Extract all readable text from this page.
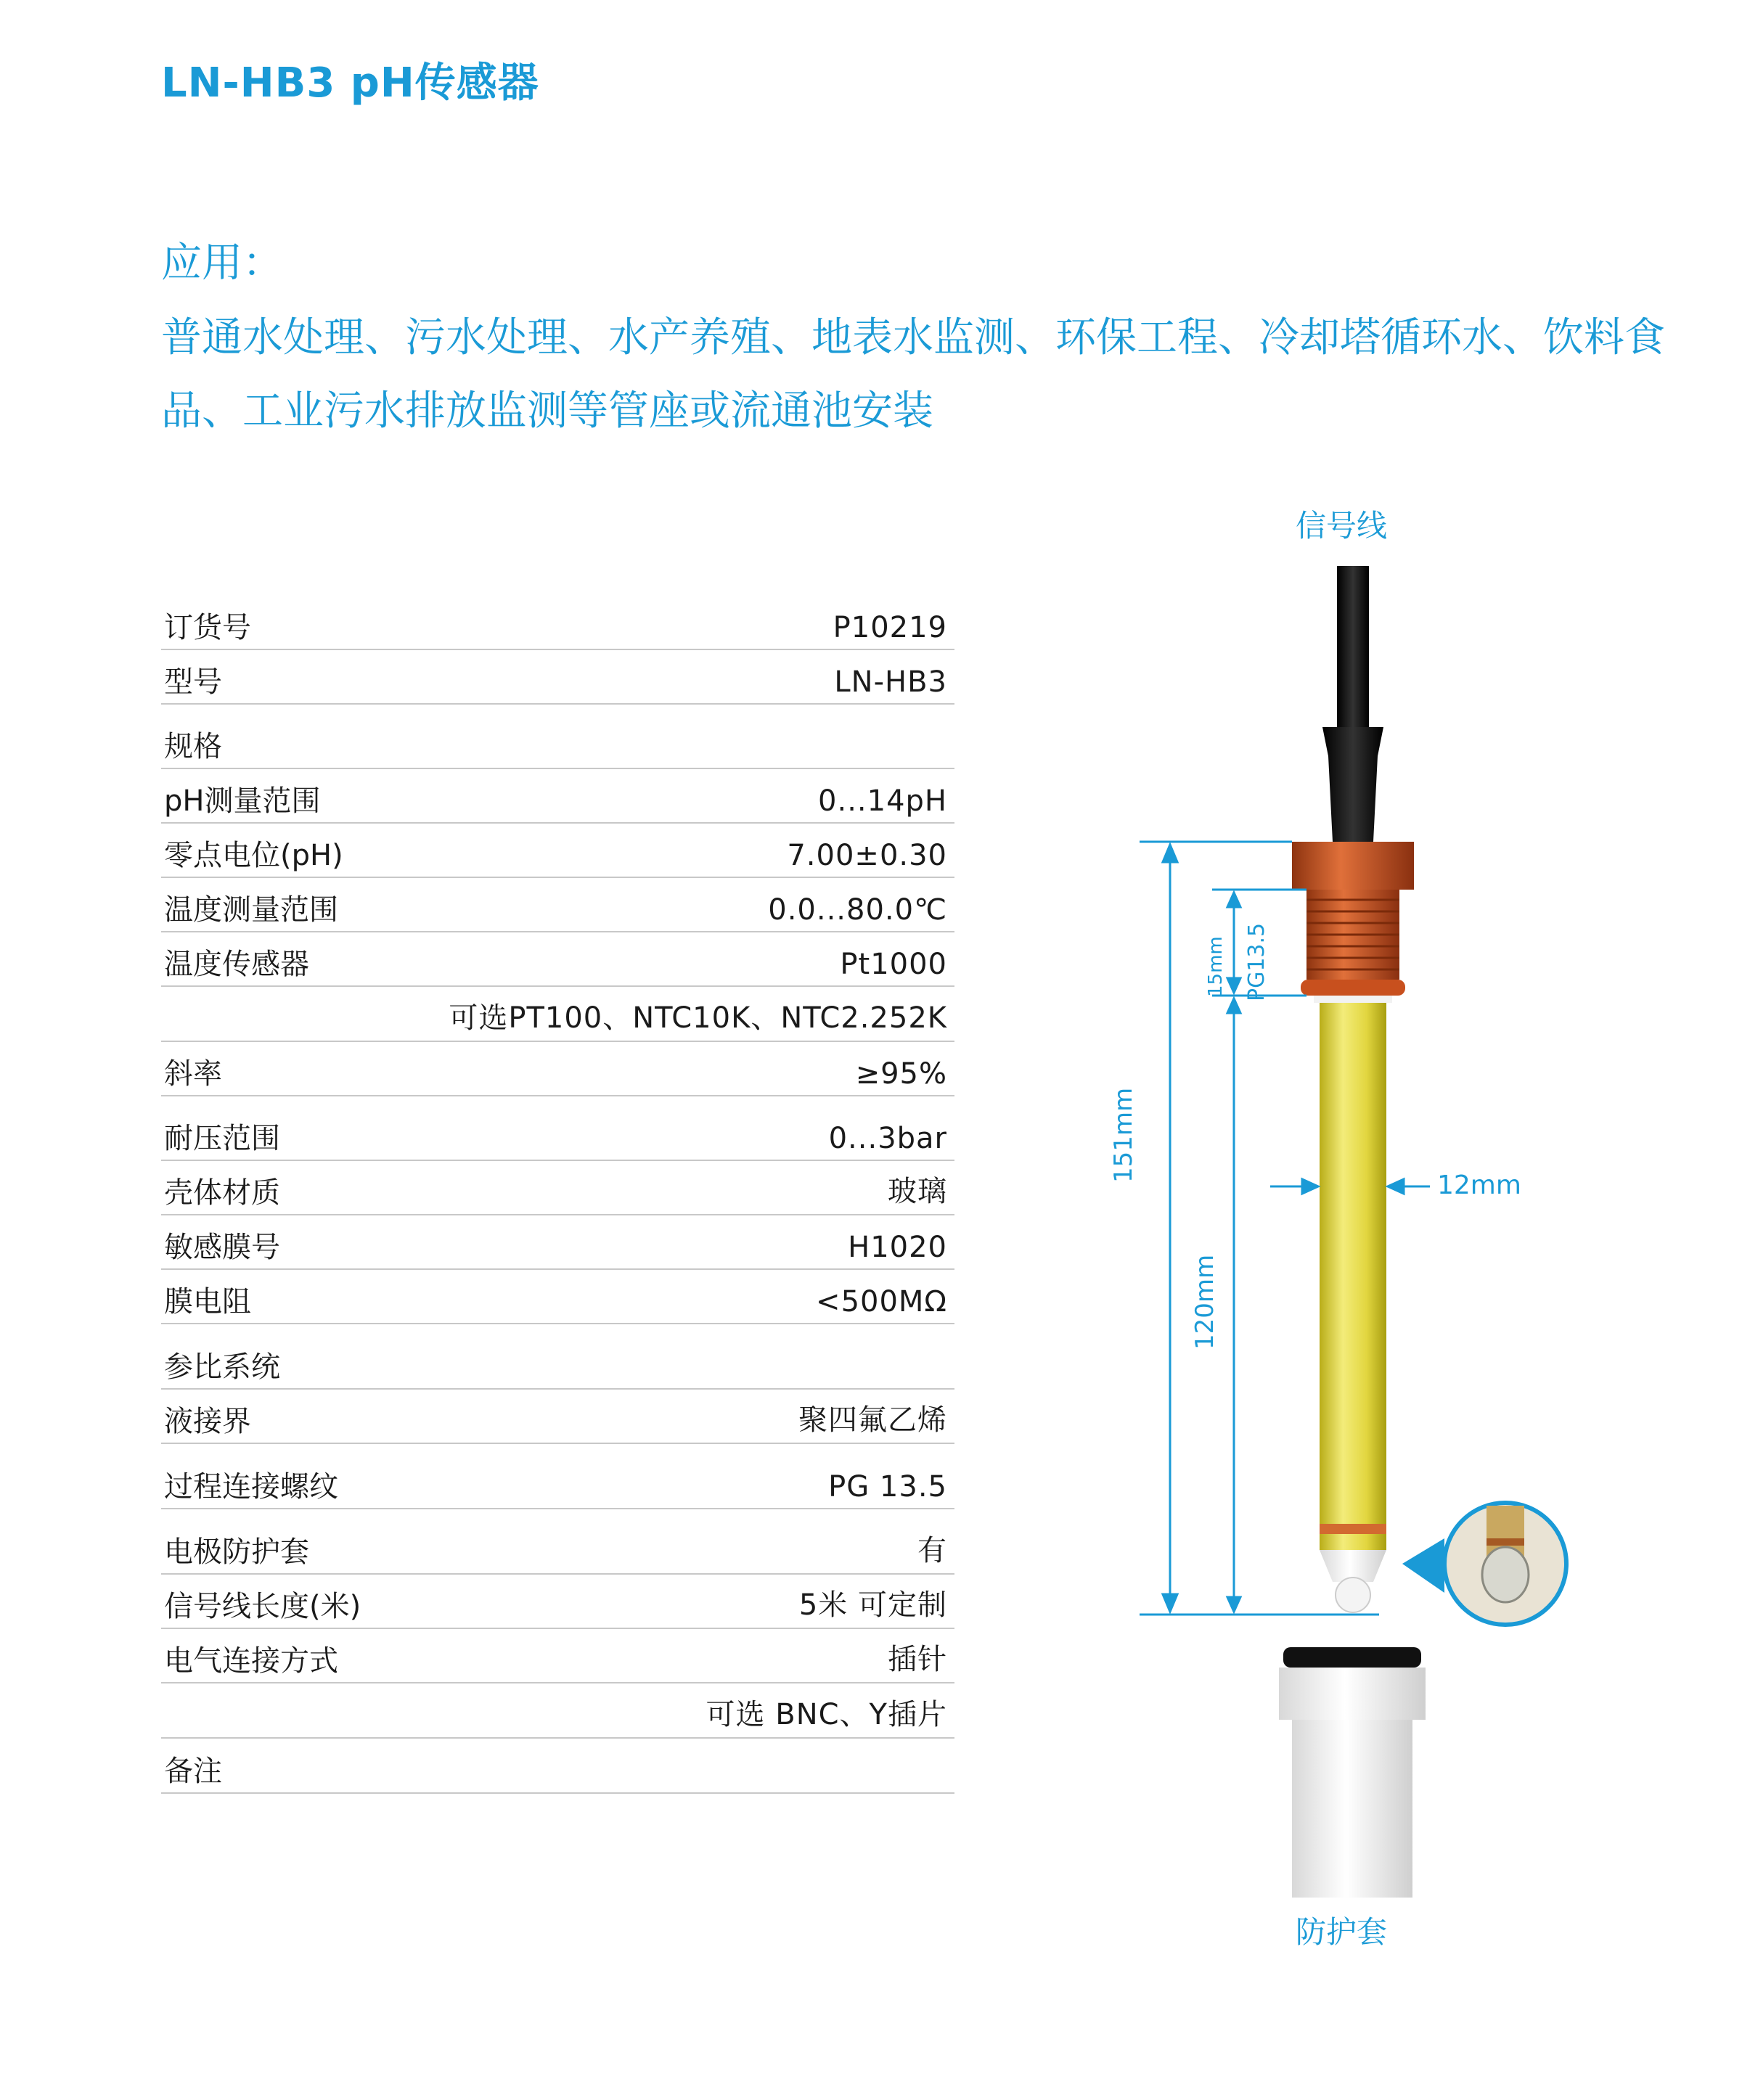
LN-HB3 pH传感器
应用：
普通水处理、污水处理、水产养殖、地表水监测、环保工程、冷却塔循环水、饮料食品、工业污水排放监测等管座或流通池安装
订货号	P10219
型号	LN-HB3
规格
pH测量范围	0...14pH
零点电位(pH)	7.00±0.30
温度测量范围	0.0...80.0℃
温度传感器	Pt1000
可选PT100、NTC10K、NTC2.252K
斜率	≥95%
耐压范围	0...3bar
壳体材质	玻璃
敏感膜号	H1020
膜电阻	<500MΩ
参比系统
液接界	聚四氟乙烯
过程连接螺纹	PG 13.5
电极防护套	有
信号线长度(米)	5米 可定制
电气连接方式	插针
可选 BNC、Y插片
备注
信号线
151mm
120mm
15mm PG13.5
12mm
防护套
